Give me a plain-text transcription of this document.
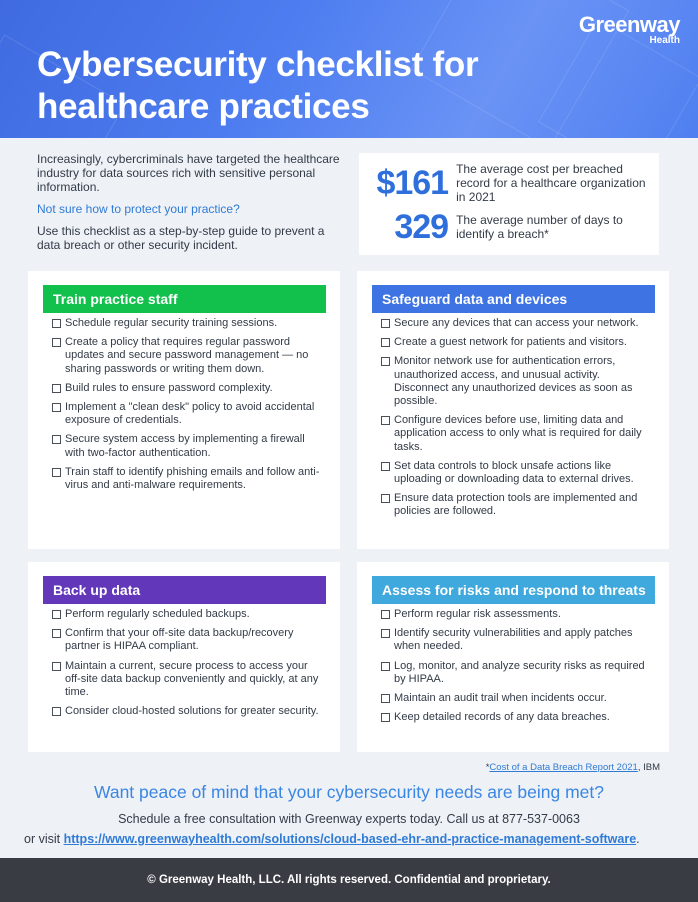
Cybersecurity checklist for healthcare practices
Greenway
Health

Increasingly, cybercriminals have targeted the healthcare industry for data sources rich with sensitive personal information.

Not sure how to protect your practice?

Use this checklist as a step-by-step guide to prevent a data breach or other security incident.

$161 The average cost per breached record for a healthcare organization in 2021
329 The average number of days to identify a breach*
Train practice staff
Schedule regular security training sessions.
Create a policy that requires regular password updates and secure password management — no sharing passwords or writing them down.
Build rules to ensure password complexity.
Implement a "clean desk" policy to avoid accidental exposure of credentials.
Secure system access by implementing a firewall with two-factor authentication.
Train staff to identify phishing emails and follow anti-virus and anti-malware requirements.
Safeguard data and devices
Secure any devices that can access your network.
Create a guest network for patients and visitors.
Monitor network use for authentication errors, unauthorized access, and unusual activity. Disconnect any unauthorized devices as soon as possible.
Configure devices before use, limiting data and application access to only what is required for daily tasks.
Set data controls to block unsafe actions like uploading or downloading data to external drives.
Ensure data protection tools are implemented and policies are followed.
Back up data
Perform regularly scheduled backups.
Confirm that your off-site data backup/recovery partner is HIPAA compliant.
Maintain a current, secure process to access your off-site data backup conveniently and quickly, at any time.
Consider cloud-hosted solutions for greater security.
Assess for risks and respond to threats
Perform regular risk assessments.
Identify security vulnerabilities and apply patches when needed.
Log, monitor, and analyze security risks as required by HIPAA.
Maintain an audit trail when incidents occur.
Keep detailed records of any data breaches.
*Cost of a Data Breach Report 2021, IBM
Want peace of mind that your cybersecurity needs are being met?
Schedule a free consultation with Greenway experts today. Call us at 877-537-0063
or visit https://www.greenwayhealth.com/solutions/cloud-based-ehr-and-practice-management-software.
© Greenway Health, LLC. All rights reserved. Confidential and proprietary.
